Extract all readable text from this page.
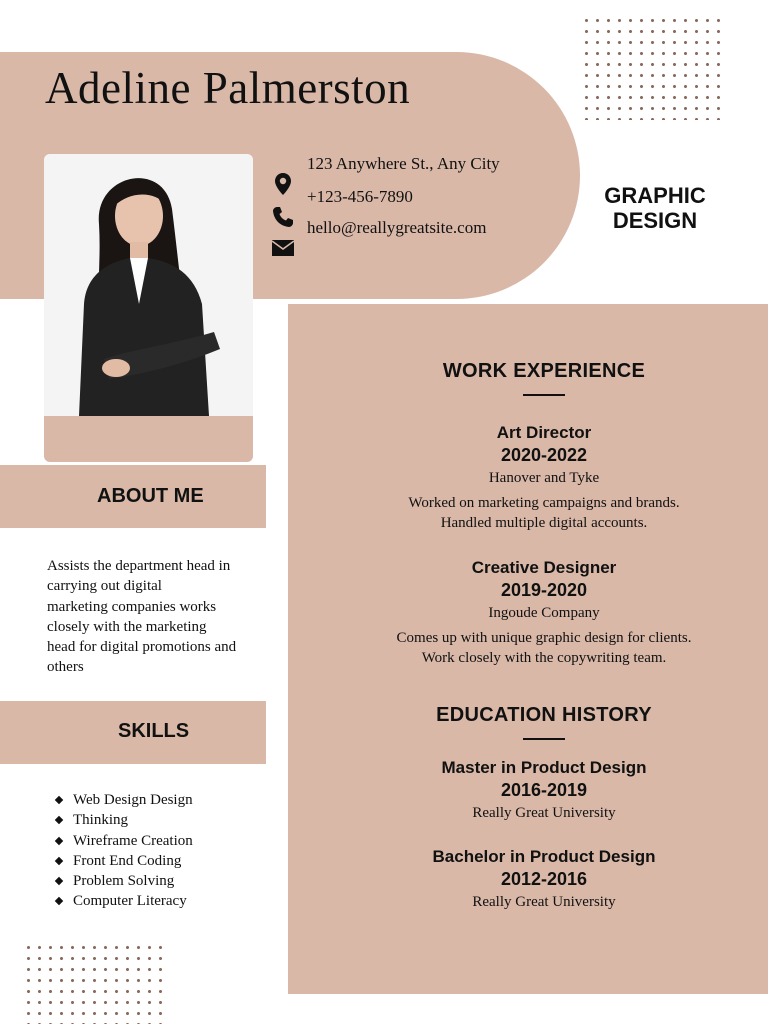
Adeline Palmerston
123 Anywhere St., Any City
+123-456-7890
hello@reallygreatsite.com
GRAPHIC
DESIGN
WORK EXPERIENCE
Art Director
2020-2022
Hanover and Tyke
Worked on marketing campaigns and brands.
Handled multiple digital accounts.
Creative Designer
2019-2020
Ingoude Company
Comes up with unique graphic design for clients.
Work closely with the copywriting team.
EDUCATION HISTORY
Master in Product Design
2016-2019
Really Great University
Bachelor in Product Design
2012-2016
Really Great University
ABOUT ME
Assists the department head in
carrying out digital
marketing companies works
closely with the marketing
head for digital promotions and
others
SKILLS
Web Design Design
Thinking
Wireframe Creation
Front End Coding
Problem Solving
Computer Literacy
